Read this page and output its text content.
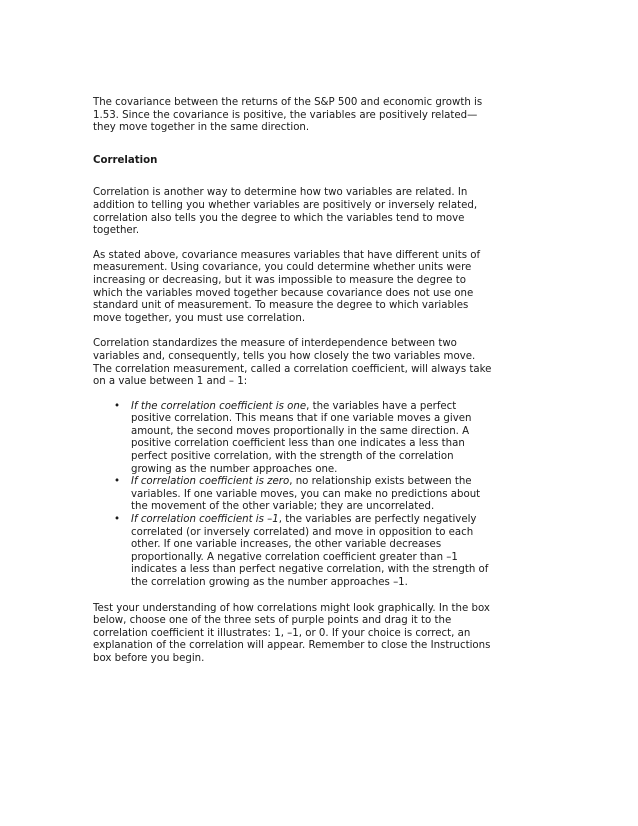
The covariance between the returns of the S&P 500 and economic growth is 1.53. Since the covariance is positive, the variables are positively related—they move together in the same direction.

Correlation

Correlation is another way to determine how two variables are related. In addition to telling you whether variables are positively or inversely related, correlation also tells you the degree to which the variables tend to move together.

As stated above, covariance measures variables that have different units of measurement. Using covariance, you could determine whether units were increasing or decreasing, but it was impossible to measure the degree to which the variables moved together because covariance does not use one standard unit of measurement. To measure the degree to which variables move together, you must use correlation.

Correlation standardizes the measure of interdependence between two variables and, consequently, tells you how closely the two variables move. The correlation measurement, called a correlation coefficient, will always take on a value between 1 and – 1:

• If the correlation coefficient is one, the variables have a perfect positive correlation. This means that if one variable moves a given amount, the second moves proportionally in the same direction. A positive correlation coefficient less than one indicates a less than perfect positive correlation, with the strength of the correlation growing as the number approaches one.
• If correlation coefficient is zero, no relationship exists between the variables. If one variable moves, you can make no predictions about the movement of the other variable; they are uncorrelated.
• If correlation coefficient is –1, the variables are perfectly negatively correlated (or inversely correlated) and move in opposition to each other. If one variable increases, the other variable decreases proportionally. A negative correlation coefficient greater than –1 indicates a less than perfect negative correlation, with the strength of the correlation growing as the number approaches –1.

Test your understanding of how correlations might look graphically. In the box below, choose one of the three sets of purple points and drag it to the correlation coefficient it illustrates: 1, –1, or 0. If your choice is correct, an explanation of the correlation will appear. Remember to close the Instructions box before you begin.
